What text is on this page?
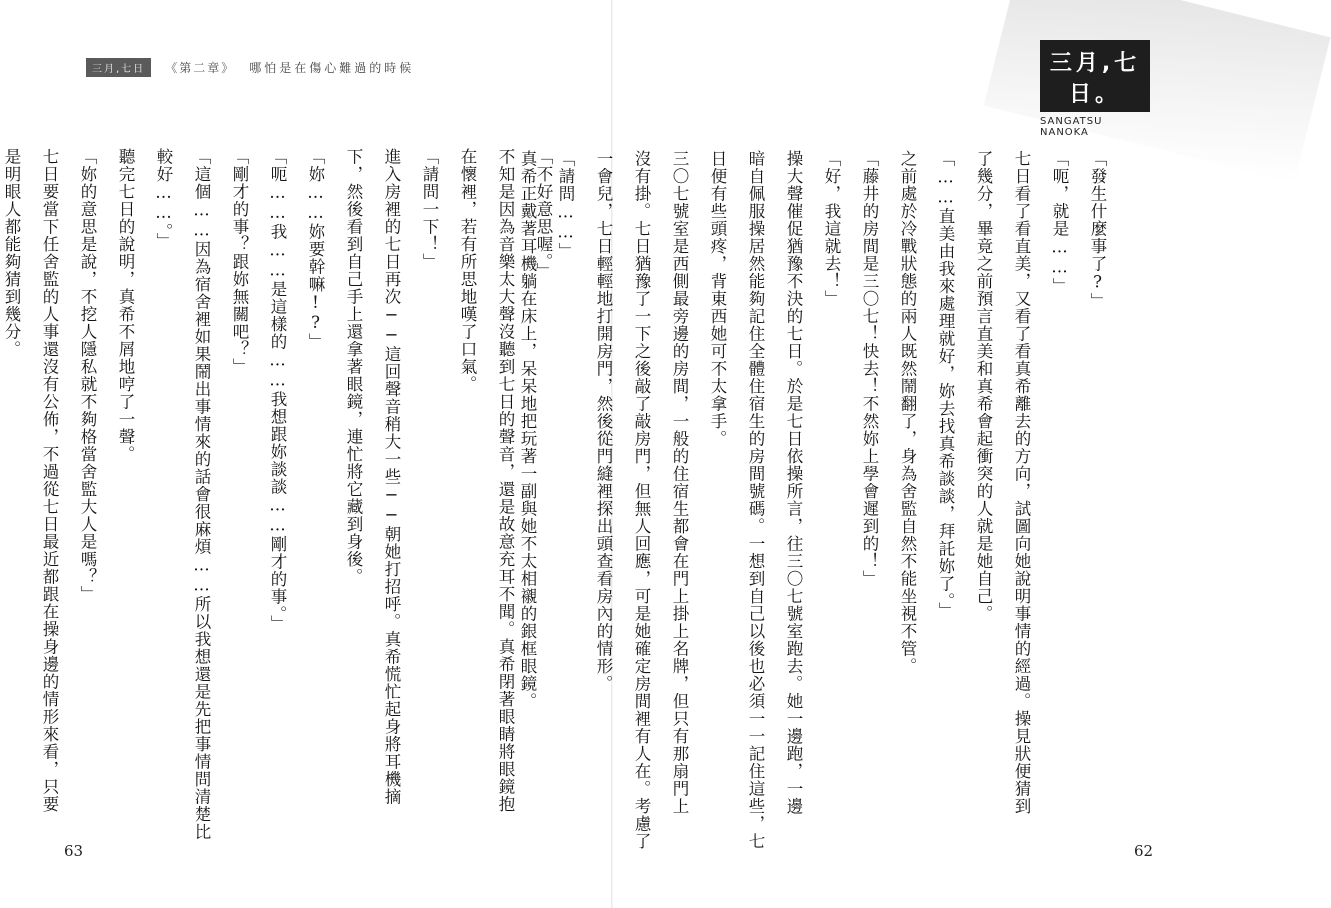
三月,七日	《第二章》 哪怕是在傷心難過的時候	三月,七日。
SANGATSU NANOKA
「發生什麼事了?」
「呃，就是……」
七日看了看直美，又看了看真希離去的方向，試圖向她說明事情的經過。操見狀便猜到
了幾分，畢竟之前預言直美和真希會起衝突的人就是她自己。
「……直美由我來處理就好，妳去找真希談談，拜託妳了。」
之前處於冷戰狀態的兩人既然鬧翻了，身為舍監自然不能坐視不管。
「藤井的房間是三〇七！快去！不然妳上學會遲到的！」
「好，我這就去！」
操大聲催促猶豫不決的七日。於是七日依操所言，往三〇七號室跑去。她一邊跑，一邊
暗自佩服操居然能夠記住全體住宿生的房間號碼。一想到自己以後也必須一一記住這些，七
日便有些頭疼，背東西她可不太拿手。
三〇七號室是西側最旁邊的房間，一般的住宿生都會在門上掛上名牌，但只有那扇門上
沒有掛。七日猶豫了一下之後敲了敲房門，但無人回應，可是她確定房間裡有人在。考慮了
一會兒，七日輕輕地打開房門，然後從門縫裡探出頭查看房內的情形。
「請問……」
真希正戴著耳機躺在床上，呆呆地把玩著一副與她不太相襯的銀框眼鏡。
「不好意思喔。」
不知是因為音樂太大聲沒聽到七日的聲音，還是故意充耳不聞。真希閉著眼睛將眼鏡抱
在懷裡，若有所思地嘆了口氣。
「請問一下！」
進入房裡的七日再次──這回聲音稍大一些──朝她打招呼。真希慌忙起身將耳機摘
下，然後看到自己手上還拿著眼鏡，連忙將它藏到身後。
「妳……妳要幹嘛!?」
「呃……我……是這樣的……我想跟妳談談……剛才的事。」
「剛才的事？跟妳無關吧？」
「這個……因為宿舍裡如果鬧出事情來的話會很麻煩……所以我想還是先把事情問清楚比
較好……。」
聽完七日的說明，真希不屑地哼了一聲。
「妳的意思是說，不挖人隱私就不夠格當舍監大人是嗎？」
七日要當下任舍監的人事還沒有公佈，不過從七日最近都跟在操身邊的情形來看，只要
是明眼人都能夠猜到幾分。
63	62
